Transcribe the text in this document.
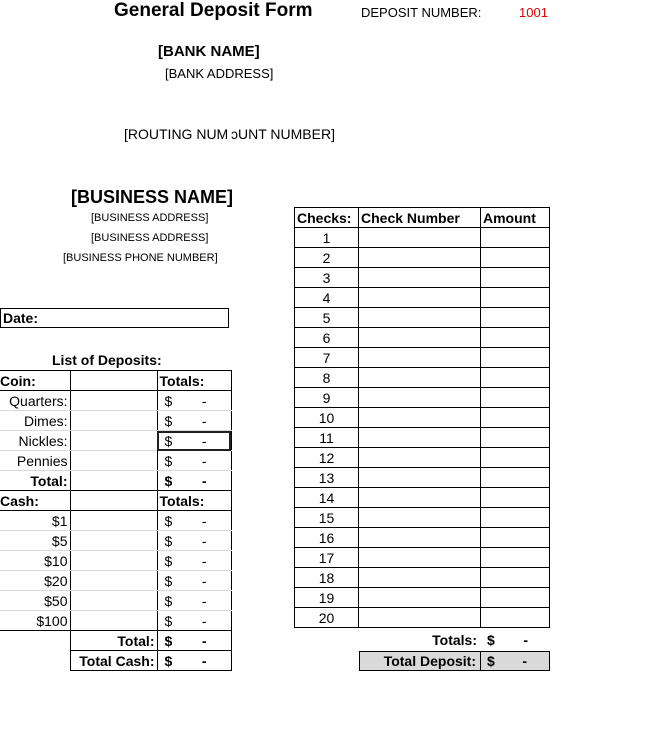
General Deposit Form	DEPOSIT NUMBER:	1001
[BANK NAME]
[BANK ADDRESS]
[ROUTING NUM ɔUNT NUMBER]
[BUSINESS NAME]
[BUSINESS ADDRESS]
[BUSINESS ADDRESS]
[BUSINESS PHONE NUMBER]
Date:
List of Deposits:
Coin:		Totals:
Quarters:		$ -

Dimes:		$ -

Nickles:		$ -

Pennies		$ -

Total:		$ -

Cash:		Totals:
$1		$ -

$5		$ -

$10		$ -

$20		$ -

$50		$ -

$100		$ -

	Total:	$ -

	Total Cash:	$ -
Checks:	Check Number	Amount
1		
2		
3		
4		
5		
6		
7		
8		
9		
10		
11		
12		
13		
14		
15		
16		
17		
18		
19		
20		
Totals: $ -
Total Deposit: $ -
